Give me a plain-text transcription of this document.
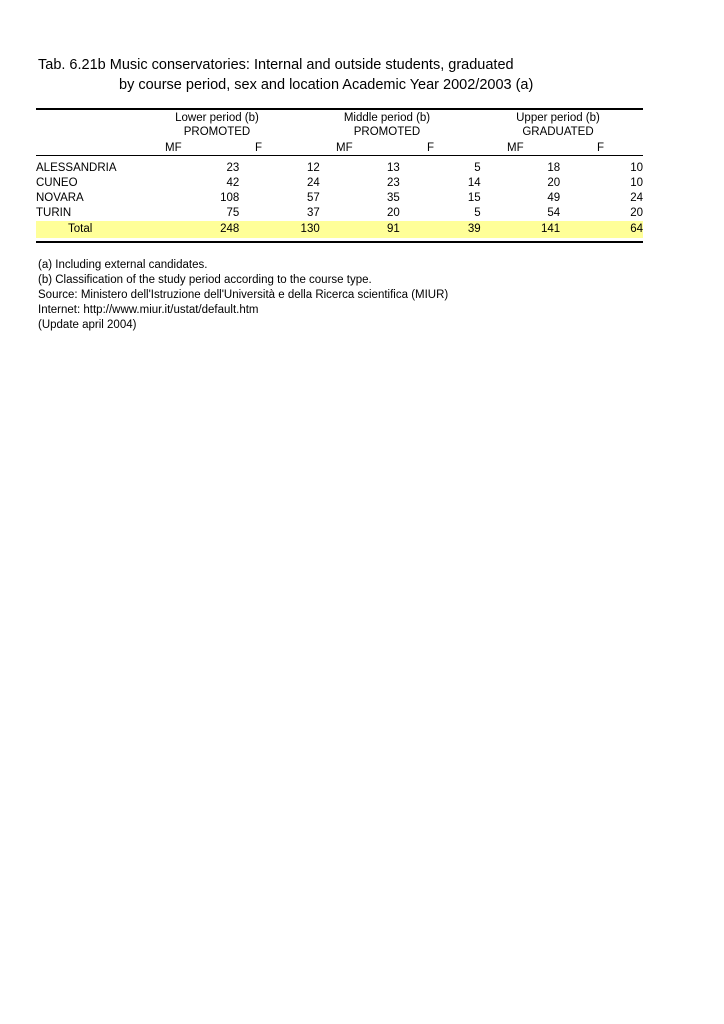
Tab. 6.21b Music conservatories: Internal and outside students, graduated
by course period, sex and location Academic Year 2002/2003 (a)
Lower period (b)
PROMOTED
Middle period (b)
PROMOTED
Upper period (b)
GRADUATED
MF	F	MF	F	MF	F
ALESSANDRIA	23	12	13	5	18	10
CUNEO	42	24	23	14	20	10
NOVARA	108	57	35	15	49	24
TURIN	75	37	20	5	54	20
Total	248	130	91	39	141	64
(a) Including external candidates.
(b) Classification of the study period according to the course type.
Source: Ministero dell'Istruzione dell'Università e della Ricerca scientifica (MIUR)
Internet: http://www.miur.it/ustat/default.htm
(Update april 2004)
